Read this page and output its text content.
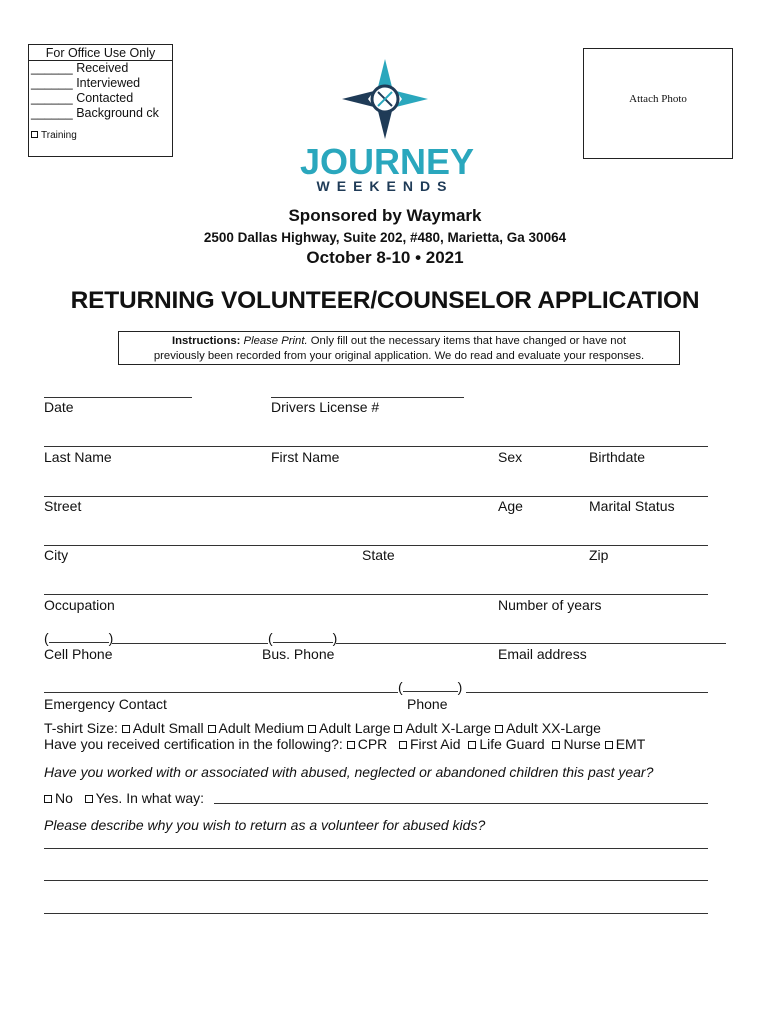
For Office Use Only
______ Received
______ Interviewed
______ Contacted
______ Background ck
Training
Attach Photo
JOURNEY
WEEKENDS
Sponsored by Waymark
2500 Dallas Highway, Suite 202, #480, Marietta, Ga 30064
October 8-10 • 2021
RETURNING VOLUNTEER/COUNSELOR APPLICATION
Instructions: Please Print. Only fill out the necessary items that have changed or have not
previously been recorded from your original application. We do read and evaluate your responses.
Date	Drivers License #
Last Name	First Name	Sex	Birthdate
Street	Age	Marital Status
City	State	Zip
Occupation	Number of years
(	)	(	)
Cell Phone	Bus. Phone	Email address
(	)
Emergency Contact	Phone
T-shirt Size: Adult Small Adult Medium Adult Large Adult X-Large Adult XX-Large
Have you received certification in the following?: CPR First Aid Life Guard Nurse EMT
Have you worked with or associated with abused, neglected or abandoned children this past year?
No Yes. In what way:
Please describe why you wish to return as a volunteer for abused kids?
